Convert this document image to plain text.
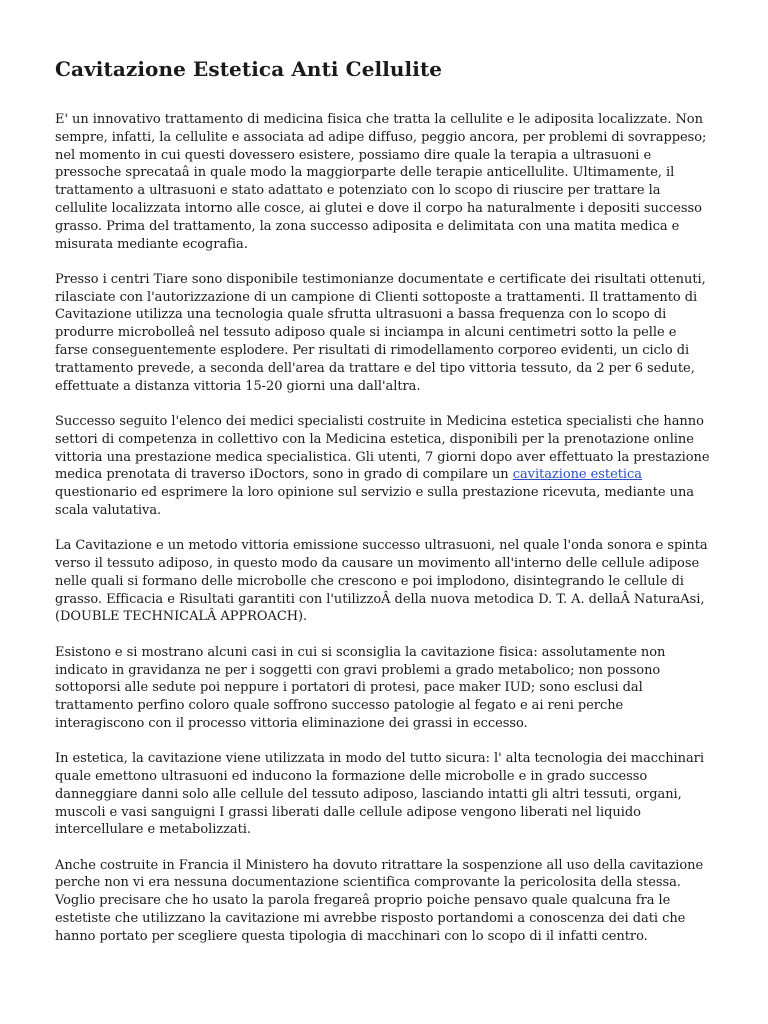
Cavitazione Estetica Anti Cellulite

E' un innovativo trattamento di medicina fisica che tratta la cellulite e le adiposita localizzate. Non sempre, infatti, la cellulite e associata ad adipe diffuso, peggio ancora, per problemi di sovrappeso; nel momento in cui questi dovessero esistere, possiamo dire quale la terapia a ultrasuoni e pressoche sprecataâ in quale modo la maggiorparte delle terapie anticellulite. Ultimamente, il trattamento a ultrasuoni e stato adattato e potenziato con lo scopo di riuscire per trattare la cellulite localizzata intorno alle cosce, ai glutei e dove il corpo ha naturalmente i depositi successo grasso. Prima del trattamento, la zona successo adiposita e delimitata con una matita medica e misurata mediante ecografia.

Presso i centri Tiare sono disponibile testimonianze documentate e certificate dei risultati ottenuti, rilasciate con l'autorizzazione di un campione di Clienti sottoposte a trattamenti. Il trattamento di Cavitazione utilizza una tecnologia quale sfrutta ultrasuoni a bassa frequenza con lo scopo di produrre microbolleâ nel tessuto adiposo quale si inciampa in alcuni centimetri sotto la pelle e farse conseguentemente esplodere. Per risultati di rimodellamento corporeo evidenti, un ciclo di trattamento prevede, a seconda dell'area da trattare e del tipo vittoria tessuto, da 2 per 6 sedute, effettuate a distanza vittoria 15-20 giorni una dall'altra.

Successo seguito l'elenco dei medici specialisti costruite in Medicina estetica specialisti che hanno settori di competenza in collettivo con la Medicina estetica, disponibili per la prenotazione online vittoria una prestazione medica specialistica. Gli utenti, 7 giorni dopo aver effettuato la prestazione medica prenotata di traverso iDoctors, sono in grado di compilare un cavitazione estetica questionario ed esprimere la loro opinione sul servizio e sulla prestazione ricevuta, mediante una scala valutativa.

La Cavitazione e un metodo vittoria emissione successo ultrasuoni, nel quale l'onda sonora e spinta verso il tessuto adiposo, in questo modo da causare un movimento all'interno delle cellule adipose nelle quali si formano delle microbolle che crescono e poi implodono, disintegrando le cellule di grasso. Efficacia e Risultati garantiti con l'utilizzoÂ della nuova metodica D. T. A. dellaÂ NaturaAsi, (DOUBLE TECHNICALÂ APPROACH).

Esistono e si mostrano alcuni casi in cui si sconsiglia la cavitazione fisica: assolutamente non indicato in gravidanza ne per i soggetti con gravi problemi a grado metabolico; non possono sottoporsi alle sedute poi neppure i portatori di protesi, pace maker IUD; sono esclusi dal trattamento perfino coloro quale soffrono successo patologie al fegato e ai reni perche interagiscono con il processo vittoria eliminazione dei grassi in eccesso.

In estetica, la cavitazione viene utilizzata in modo del tutto sicura: l' alta tecnologia dei macchinari quale emettono ultrasuoni ed inducono la formazione delle microbolle e in grado successo danneggiare danni solo alle cellule del tessuto adiposo, lasciando intatti gli altri tessuti, organi, muscoli e vasi sanguigni I grassi liberati dalle cellule adipose vengono liberati nel liquido intercellulare e metabolizzati.

Anche costruite in Francia il Ministero ha dovuto ritrattare la sospenzione all uso della cavitazione perche non vi era nessuna documentazione scientifica comprovante la pericolosita della stessa. Voglio precisare che ho usato la parola fregareâ proprio poiche pensavo quale qualcuna fra le estetiste che utilizzano la cavitazione mi avrebbe risposto portandomi a conoscenza dei dati che hanno portato per scegliere questa tipologia di macchinari con lo scopo di il infatti centro.
